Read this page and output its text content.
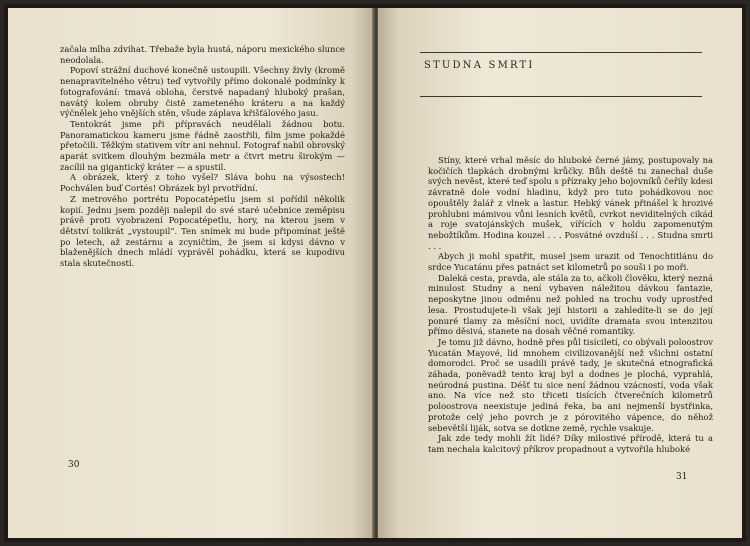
začala mlha zdvihat. Třebaže byla hustá, náporu mexického slunce neodolala.

Popoví strážní duchové konečně ustoupili. Všechny živly (kromě nenapravitelného větru) teď vytvořily přímo dokonalé podmínky k fotografování: tmavá obloha, čerstvě napadaný hluboký prašan, navátý kolem obruby čistě zameteného kráteru a na každý výčnělek jeho vnějších stěn, všude záplava křišťálového jasu.

Tentokrát jsme při přípravách neudělali žádnou botu. Panoramatickou kameru jsme řádně zaostřili, film jsme pokaždé přetočili. Těžkým stativem vítr ani nehnul. Fotograf nabil obrovský aparát svitkem dlouhým bezmála metr a čtvrt metru širokým — zacílil na gigantický kráter — a spustil.

A obrázek, který z toho vyšel? Sláva bohu na výsostech! Pochválen buď Cortés! Obrázek byl prvotřídní.

Z metrového portrétu Popocatépetlu jsem si pořídil několik kopií. Jednu jsem později nalepil do své staré učebnice zeměpisu právě proti vyobrazení Popocatépetlu, hory, na kterou jsem v dětství tolikrát „vystoupil“. Ten snímek mi bude připomínat ještě po letech, až zestárnu a zcyničtím, že jsem si kdysi dávno v blaženějších dnech mládí vyprávěl pohádku, která se kupodivu stala skutečností.

30
STUDNA SMRTI

Stíny, které vrhal měsíc do hluboké černé jámy, postupovaly na kočičích tlapkách drobnými krůčky. Bůh deště tu zanechal duše svých nevěst, které teď spolu s přízraky jeho bojovníků čeřily kdesi závratně dole vodní hladinu, když pro tuto pohádkovou noc opouštěly žalář z vlnek a lastur. Hebký vánek přinášel k hrozivé prohlubni mámivou vůni lesních květů, cvrkot neviditelných cikád a roje svatojánských mušek, vířících v holdu zapomenutým nebožtíkům. Hodina kouzel . . . Posvátné ovzduší . . . Studna smrti . . .

Abych ji mohl spatřit, musel jsem urazit od Tenochtitlánu do srdce Yucatánu přes patnáct set kilometrů po souši i po moři.

Daleká cesta, pravda, ale stála za to, ačkoli člověku, který nezná minulost Studny a není vybaven náležitou dávkou fantazie, neposkytne jinou odměnu než pohled na trochu vody uprostřed lesa. Prostudujete-li však její historii a zahledíte-li se do její ponuré tlamy za měsíční noci, uvidíte dramata svou intenzitou přímo děsivá, stanete na dosah věčné romantiky.

Je tomu již dávno, hodně přes půl tisíciletí, co obývali poloostrov Yucatán Mayové, lid mnohem civilizovanější než všichni ostatní domorodci. Proč se usadili právě tady, je skutečná etnografická záhada, poněvadž tento kraj byl a dodnes je plochá, vyprahlá, neúrodná pustina. Déšť tu sice není žádnou vzácností, voda však ano. Na více než sto třiceti tisících čtverečních kilometrů poloostrova neexistuje jediná řeka, ba ani nejmenší bystřinka, protože celý jeho povrch je z pórovitého vápence, do něhož sebevětší liják, sotva se dotkne země, rychle vsakuje.

Jak zde tedy mohli žít lidé? Díky milostivé přírodě, která tu a tam nechala kalcitový příkrov propadnout a vytvořila hluboké

31
